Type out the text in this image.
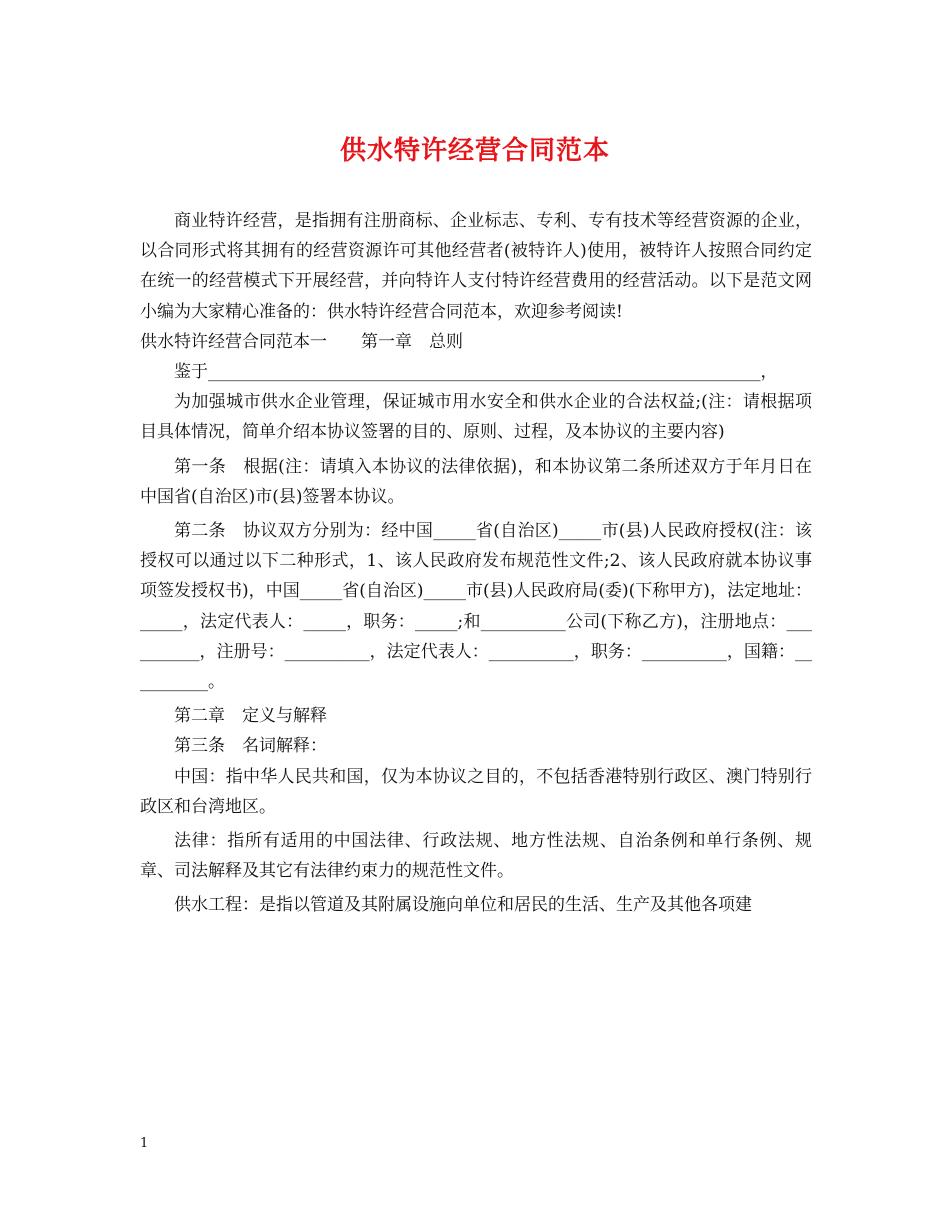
供水特许经营合同范本

商业特许经营，是指拥有注册商标、企业标志、专利、专有技术等经营资源的企业，以合同形式将其拥有的经营资源许可其他经营者(被特许人)使用，被特许人按照合同约定在统一的经营模式下开展经营，并向特许人支付特许经营费用的经营活动。以下是范文网小编为大家精心准备的：供水特许经营合同范本，欢迎参考阅读!

供水特许经营合同范本一　　第一章　总则

鉴于_________________________________________________________________，

为加强城市供水企业管理，保证城市用水安全和供水企业的合法权益;(注：请根据项目具体情况，简单介绍本协议签署的目的、原则、过程，及本协议的主要内容)

第一条　根据(注：请填入本协议的法律依据)，和本协议第二条所述双方于年月日在中国省(自治区)市(县)签署本协议。

第二条　协议双方分别为：经中国_____省(自治区)_____市(县)人民政府授权(注：该授权可以通过以下二种形式，1、该人民政府发布规范性文件;2、该人民政府就本协议事项签发授权书)，中国_____省(自治区)_____市(县)人民政府局(委)(下称甲方)，法定地址：_____，法定代表人：_____，职务：_____;和__________公司(下称乙方)，注册地点：__________，注册号：__________，法定代表人：__________，职务：__________，国籍：__________。

第二章　定义与解释

第三条　名词解释：

中国：指中华人民共和国，仅为本协议之目的，不包括香港特别行政区、澳门特别行政区和台湾地区。

法律：指所有适用的中国法律、行政法规、地方性法规、自治条例和单行条例、规章、司法解释及其它有法律约束力的规范性文件。

供水工程：是指以管道及其附属设施向单位和居民的生活、生产及其他各项建

1
